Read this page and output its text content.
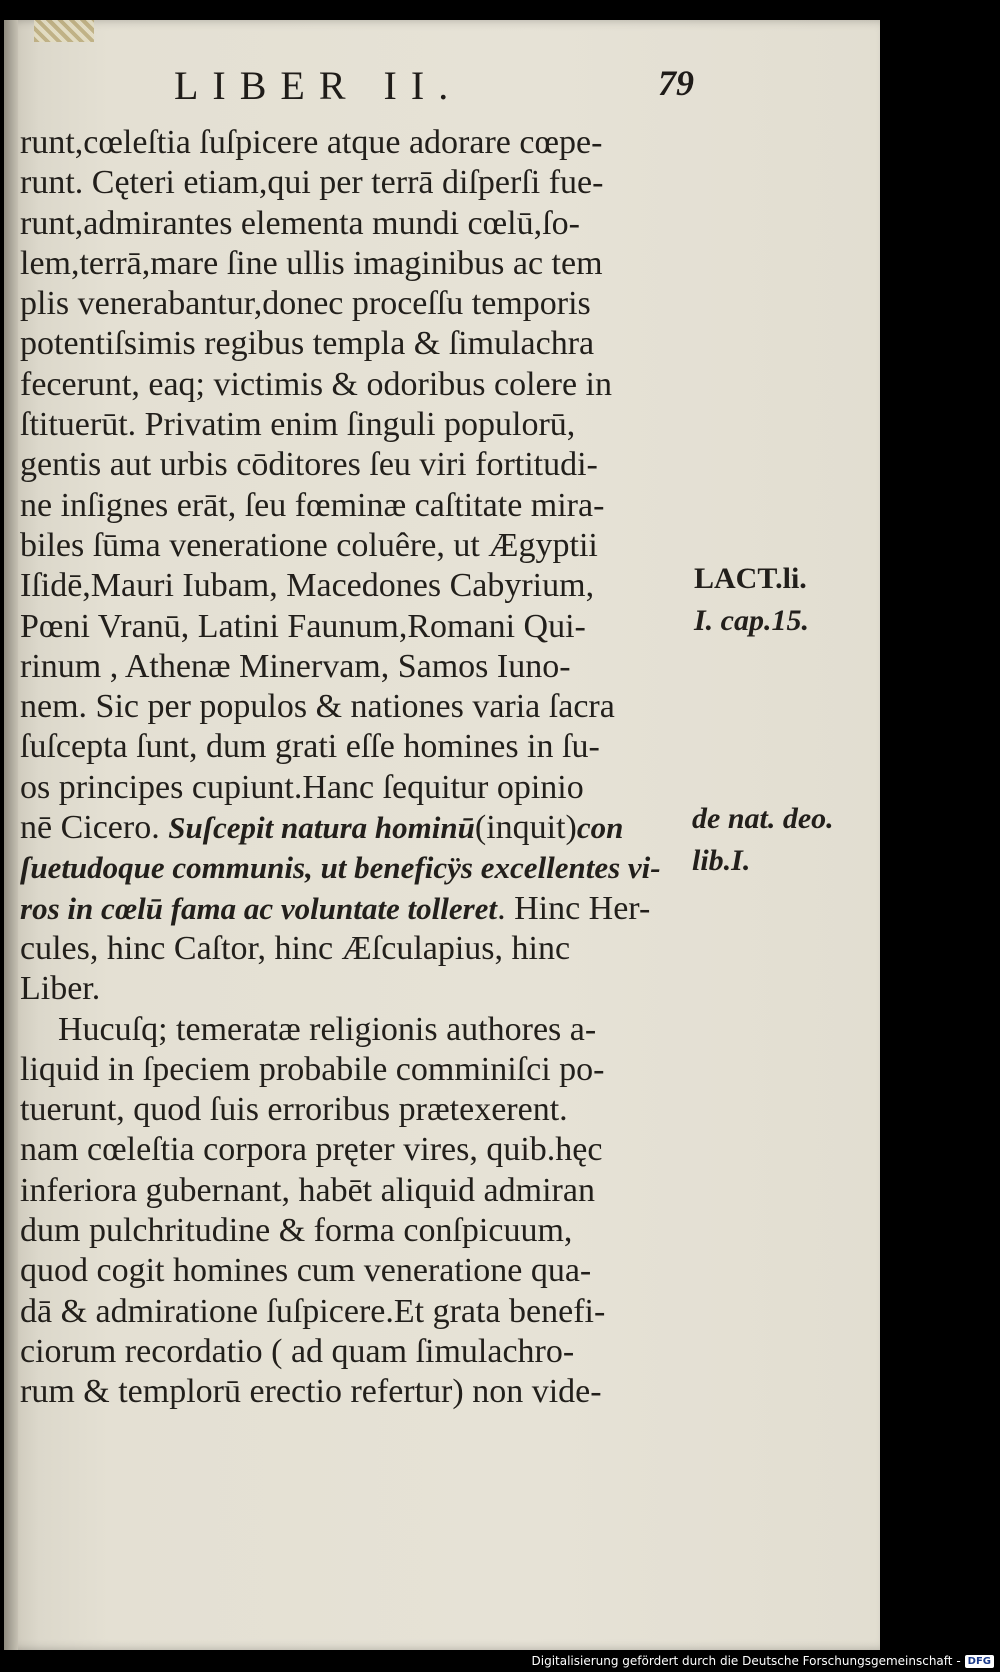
LIBER II.	79
runt,cœleſtia ſuſpicere atque adorare cœpe-
runt. Cęteri etiam,qui per terrā diſperſi fue-
runt,admirantes elementa mundi cœlū,ſo-
lem,terrā,mare ſine ullis imaginibus ac tem
plis venerabantur,donec proceſſu temporis
potentiſsimis regibus templa & ſimulachra
fecerunt, eaq; victimis & odoribus colere in
ſtituerūt. Privatim enim ſinguli populorū,
gentis aut urbis cōditores ſeu viri fortitudi-
ne inſignes erāt, ſeu fœminæ caſtitate mira-
biles ſūma veneratione coluêre, ut Ægyptii
Iſidē,Mauri Iubam, Macedones Cabyrium,
Pœni Vranū, Latini Faunum,Romani Qui-
rinum , Athenæ Minervam, Samos Iuno-
nem. Sic per populos & nationes varia ſacra
ſuſcepta ſunt, dum grati eſſe homines in ſu-
os principes cupiunt.Hanc ſequitur opinio
nē Cicero. Suſcepit natura hominū(inquit)con
ſuetudoque communis, ut beneficÿs excellentes vi-
ros in cœlū fama ac voluntate tolleret. Hinc Her-
cules, hinc Caſtor, hinc Æſculapius, hinc
Liber.
Hucuſq; temeratæ religionis authores a-
liquid in ſpeciem probabile comminiſci po-
tuerunt, quod ſuis erroribus prætexerent.
nam cœleſtia corpora pręter vires, quib.hęc
inferiora gubernant, habēt aliquid admiran
dum pulchritudine & forma conſpicuum,
quod cogit homines cum veneratione qua-
dā & admiratione ſuſpicere.Et grata benefi-
ciorum recordatio ( ad quam ſimulachro-
rum & templorū erectio refertur) non vide-
LACT.li.
I. cap.15.
de nat. deo.
lib.I.
Digitalisierung gefördert durch die Deutsche Forschungsgemeinschaft - DFG
